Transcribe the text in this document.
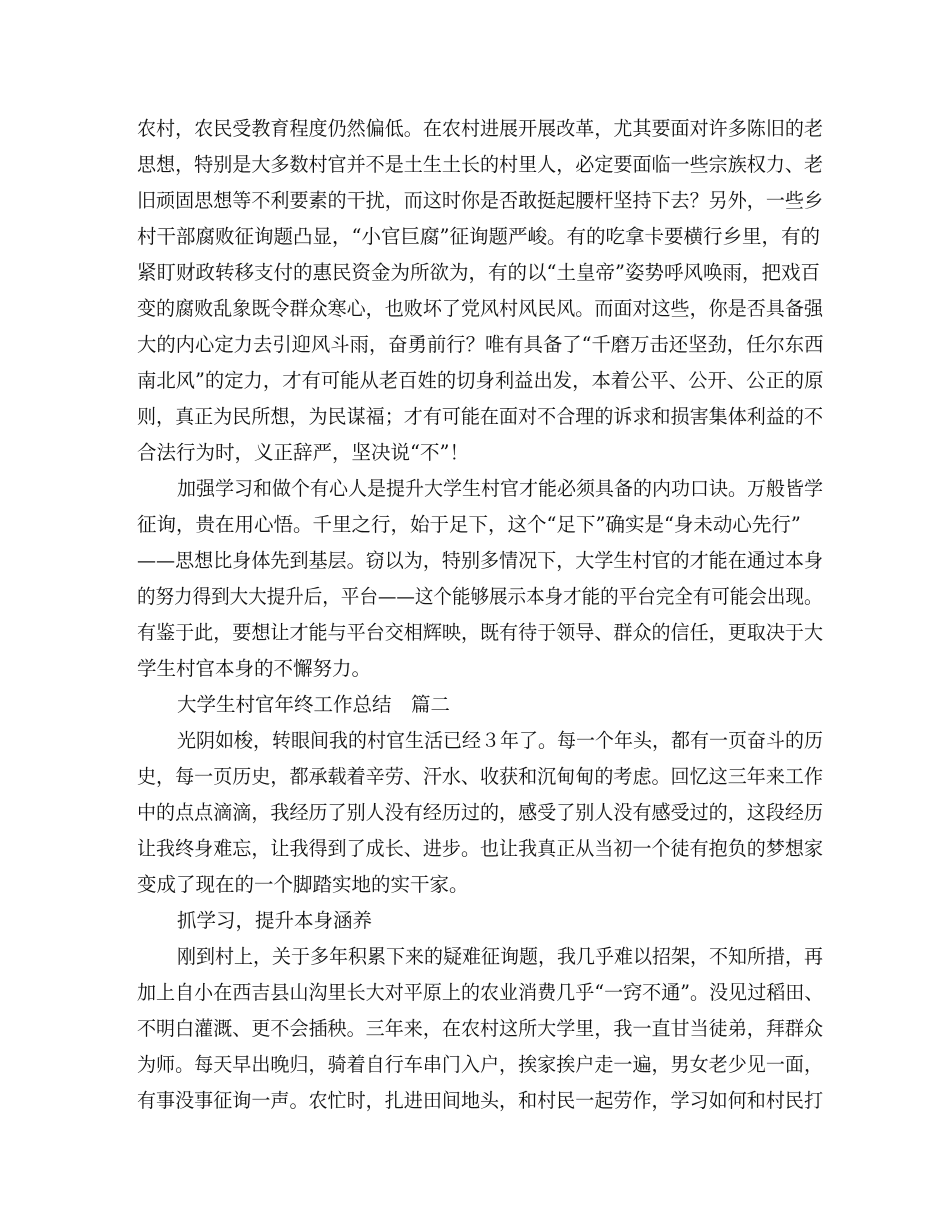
农村，农民受教育程度仍然偏低。在农村进展开展改革，尤其要面对许多陈旧的老
思想，特别是大多数村官并不是土生土长的村里人，必定要面临一些宗族权力、老
旧顽固思想等不利要素的干扰，而这时你是否敢挺起腰杆坚持下去？另外，一些乡
村干部腐败征询题凸显，“小官巨腐”征询题严峻。有的吃拿卡要横行乡里，有的
紧盯财政转移支付的惠民资金为所欲为，有的以“土皇帝”姿势呼风唤雨，把戏百
变的腐败乱象既令群众寒心，也败坏了党风村风民风。而面对这些，你是否具备强
大的内心定力去引迎风斗雨，奋勇前行？唯有具备了“千磨万击还坚劲，任尔东西
南北风”的定力，才有可能从老百姓的切身利益出发，本着公平、公开、公正的原
则，真正为民所想，为民谋福；才有可能在面对不合理的诉求和损害集体利益的不
合法行为时，义正辞严，坚决说“不”！
加强学习和做个有心人是提升大学生村官才能必须具备的内功口诀。万般皆学
征询，贵在用心悟。千里之行，始于足下，这个“足下”确实是“身未动心先行”
——思想比身体先到基层。窃以为，特别多情况下，大学生村官的才能在通过本身
的努力得到大大提升后，平台——这个能够展示本身才能的平台完全有可能会出现。
有鉴于此，要想让才能与平台交相辉映，既有待于领导、群众的信任，更取决于大
学生村官本身的不懈努力。
大学生村官年终工作总结　篇二
光阴如梭，转眼间我的村官生活已经３年了。每一个年头，都有一页奋斗的历
史，每一页历史，都承载着辛劳、汗水、收获和沉甸甸的考虑。回忆这三年来工作
中的点点滴滴，我经历了别人没有经历过的，感受了别人没有感受过的，这段经历
让我终身难忘，让我得到了成长、进步。也让我真正从当初一个徒有抱负的梦想家
变成了现在的一个脚踏实地的实干家。
抓学习，提升本身涵养
刚到村上，关于多年积累下来的疑难征询题，我几乎难以招架，不知所措，再
加上自小在西吉县山沟里长大对平原上的农业消费几乎“一窍不通”。没见过稻田、
不明白灌溉、更不会插秧。三年来，在农村这所大学里，我一直甘当徒弟，拜群众
为师。每天早出晚归，骑着自行车串门入户，挨家挨户走一遍，男女老少见一面，
有事没事征询一声。农忙时，扎进田间地头，和村民一起劳作，学习如何和村民打
